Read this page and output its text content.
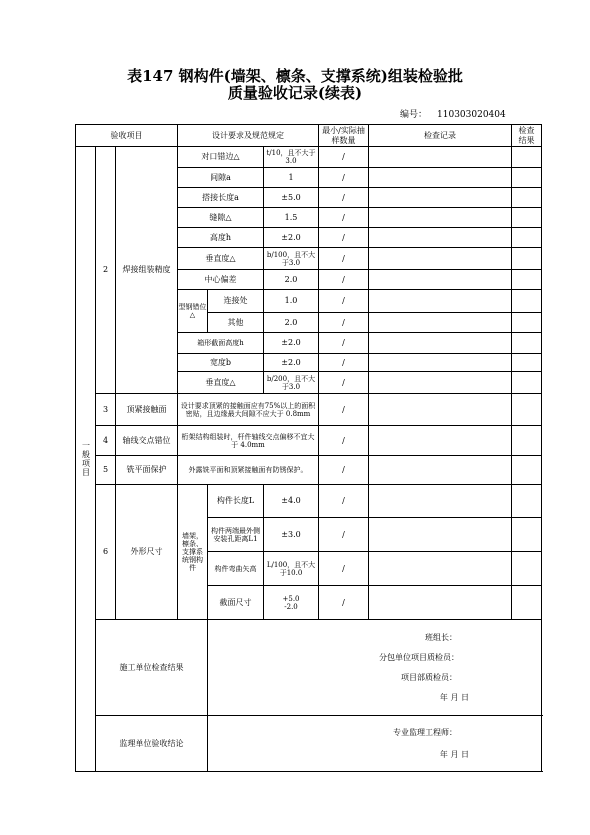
表147 钢构件(墙架、檩条、支撑系统)组装检验批
质量验收记录(续表)
编号： 110303020404
验收项目			设计要求及规范规定			最小/实际抽样数量	检查记录	检查结果

一般项目	2	焊接组装精度	对口错边△		t/10，且不大于3.0	/		
			间隙a		1	/		
			搭接长度a		±5.0	/		
			缝隙△		1.5	/		
			高度h		±2.0	/		
			垂直度△		b/100，且不大于3.0	/		
			中心偏差		2.0	/		
			型钢错位△	连接处	1.0	/		
				其他	2.0	/		
			箱形截面高度h		±2.0	/		
			宽度b		±2.0	/		
			垂直度△		b/200，且不大于3.0	/		
	3	顶紧接触面	设计要求顶紧的接触面应有75%以上的面积密贴，且边缘最大间隙不应大于 0.8mm			/		
	4	轴线交点错位	桁架结构组装时，杆件轴线交点偏移不宜大于 4.0mm			/		
	5	铣平面保护	外露铣平面和顶紧接触面有防锈保护。			/		
	6	外形尺寸	墙架，檩条、支撑系统钢构件	构件长度L	±4.0	/		
				构件两端最外侧安装孔距离L1	±3.0	/		
				构件弯曲矢高	L/100，且不大于10.0	/		
				截面尺寸	+5.0
-2.0	/		
	施工单位检查结果			班组长：
分包单位项目质检员：
项目部质检员：
年 月 日				

	监理单位验收结论			专业监理工程师：
年 月 日				
